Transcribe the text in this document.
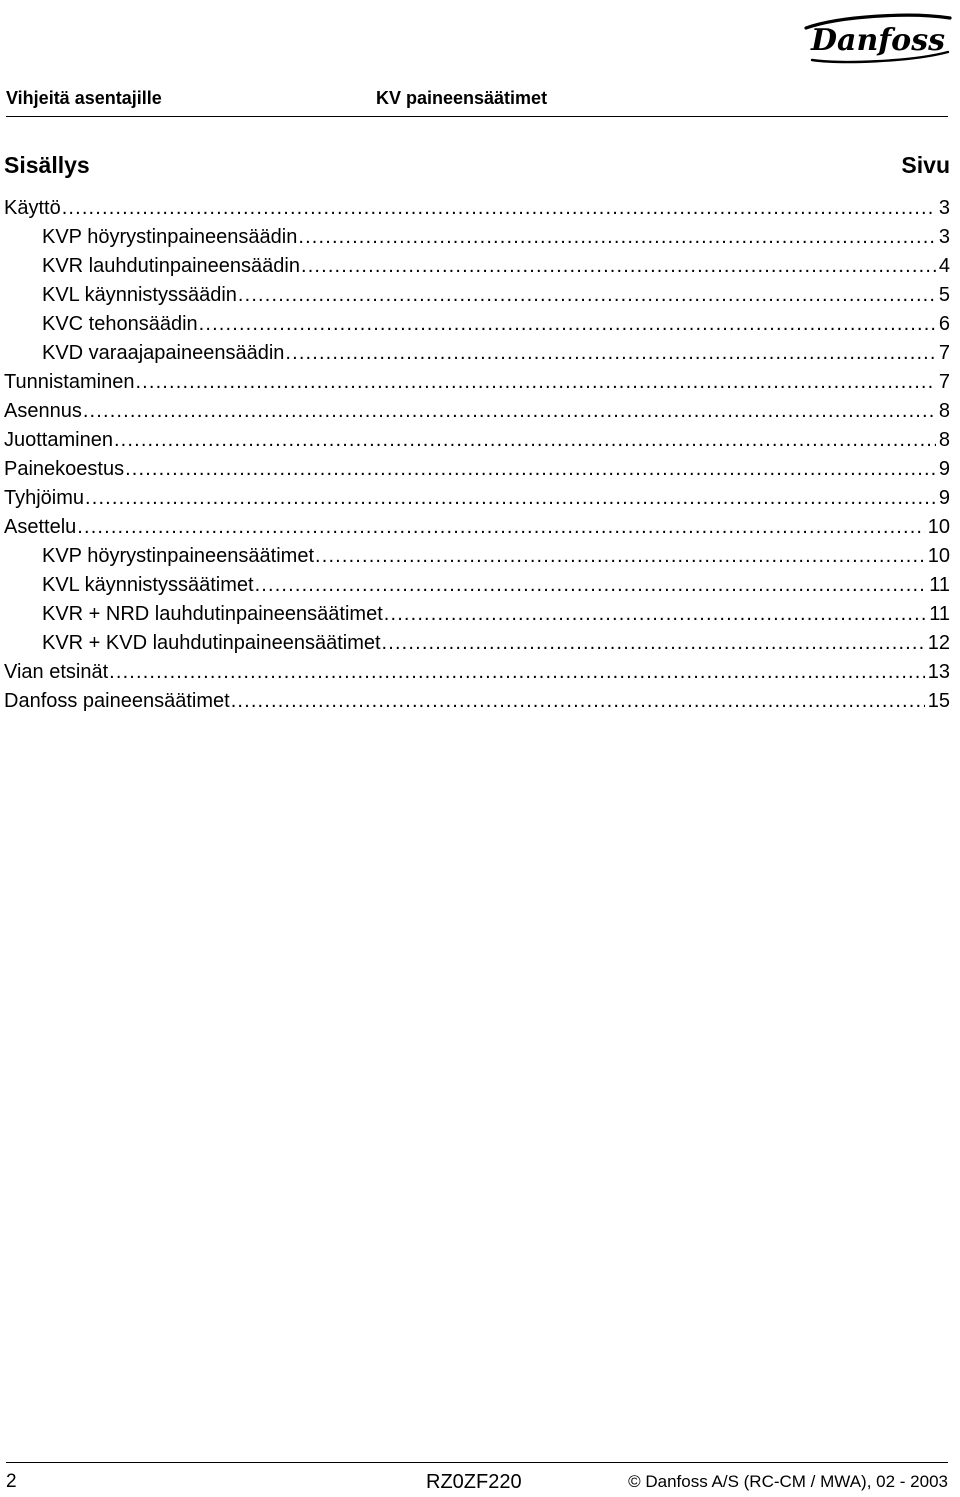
Danfoss
Vihjeitä asentajille	KV paineensäätimet
Sisällys	Sivu
Käyttö . . .	3
KVP höyrystinpaineensäädin . . .	3
KVR lauhdutinpaineensäädin . . .	4
KVL käynnistyssäädin . . .	5
KVC tehonsäädin . . .	6
KVD varaajapaineensäädin . . .	7
Tunnistaminen . . .	7
Asennus . . .	8
Juottaminen . . .	8
Painekoestus . . .	9
Tyhjöimu . . .	9
Asettelu . . .	10
KVP höyrystinpaineensäätimet . . .	10
KVL käynnistyssäätimet . . .	11
KVR + NRD lauhdutinpaineensäätimet . . .	11
KVR + KVD lauhdutinpaineensäätimet . . .	12
Vian etsinät . . .	13
Danfoss paineensäätimet . . .	15
2	RZ0ZF220	© Danfoss A/S (RC-CM / MWA), 02 - 2003
